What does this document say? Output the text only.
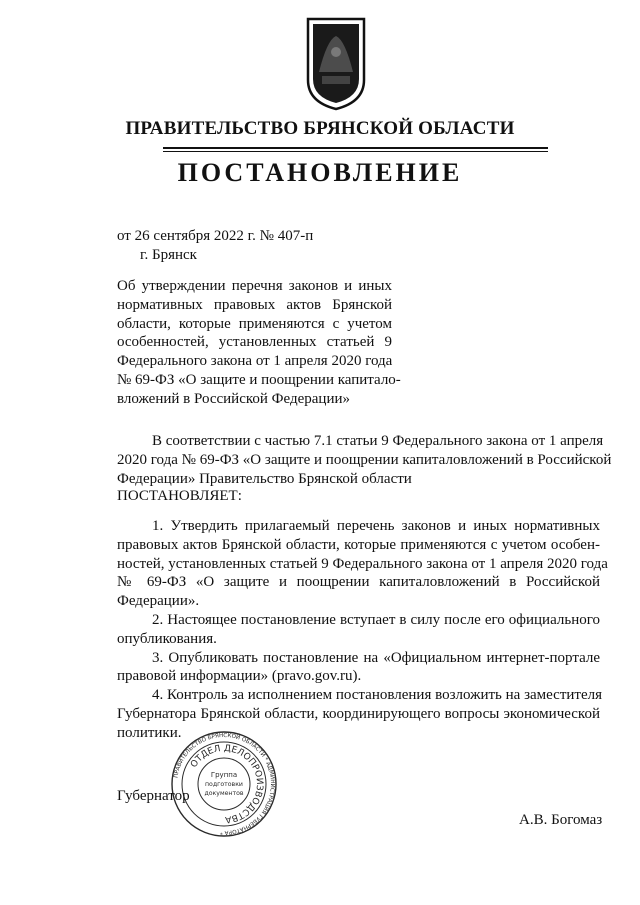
ПРАВИТЕЛЬСТВО БРЯНСКОЙ ОБЛАСТИ
ПОСТАНОВЛЕНИЕ
от 26 сентября 2022 г. № 407-п
г. Брянск
Об утверждении перечня законов и иных
нормативных правовых актов Брянской
области, которые применяются с учетом
особенностей, установленных статьей 9
Федерального закона от 1 апреля 2020 года
№ 69-ФЗ «О защите и поощрении капитало-
вложений в Российской Федерации»
В соответствии с частью 7.1 статьи 9 Федерального закона от 1 апреля
2020 года № 69-ФЗ «О защите и поощрении капиталовложений в Российской
Федерации» Правительство Брянской области
ПОСТАНОВЛЯЕТ:
1. Утвердить прилагаемый перечень законов и иных нормативных
правовых актов Брянской области, которые применяются с учетом особен-
ностей, установленных статьей 9 Федерального закона от 1 апреля 2020 года
№ 69-ФЗ «О защите и поощрении капиталовложений в Российской
Федерации».
2. Настоящее постановление вступает в силу после его официального
опубликования.
3. Опубликовать постановление на «Официальном интернет-портале
правовой информации» (pravo.gov.ru).
4. Контроль за исполнением постановления возложить на заместителя
Губернатора Брянской области, координирующего вопросы экономической
политики.
ПРАВИТЕЛЬСТВО БРЯНСКОЙ ОБЛАСТИ * АДМИНИСТРАЦИЯ ГУБЕРНАТОРА *
ОТДЕЛ ДЕЛОПРОИЗВОДСТВА
Группа
подготовки
документов
Губернатор
А.В. Богомаз
